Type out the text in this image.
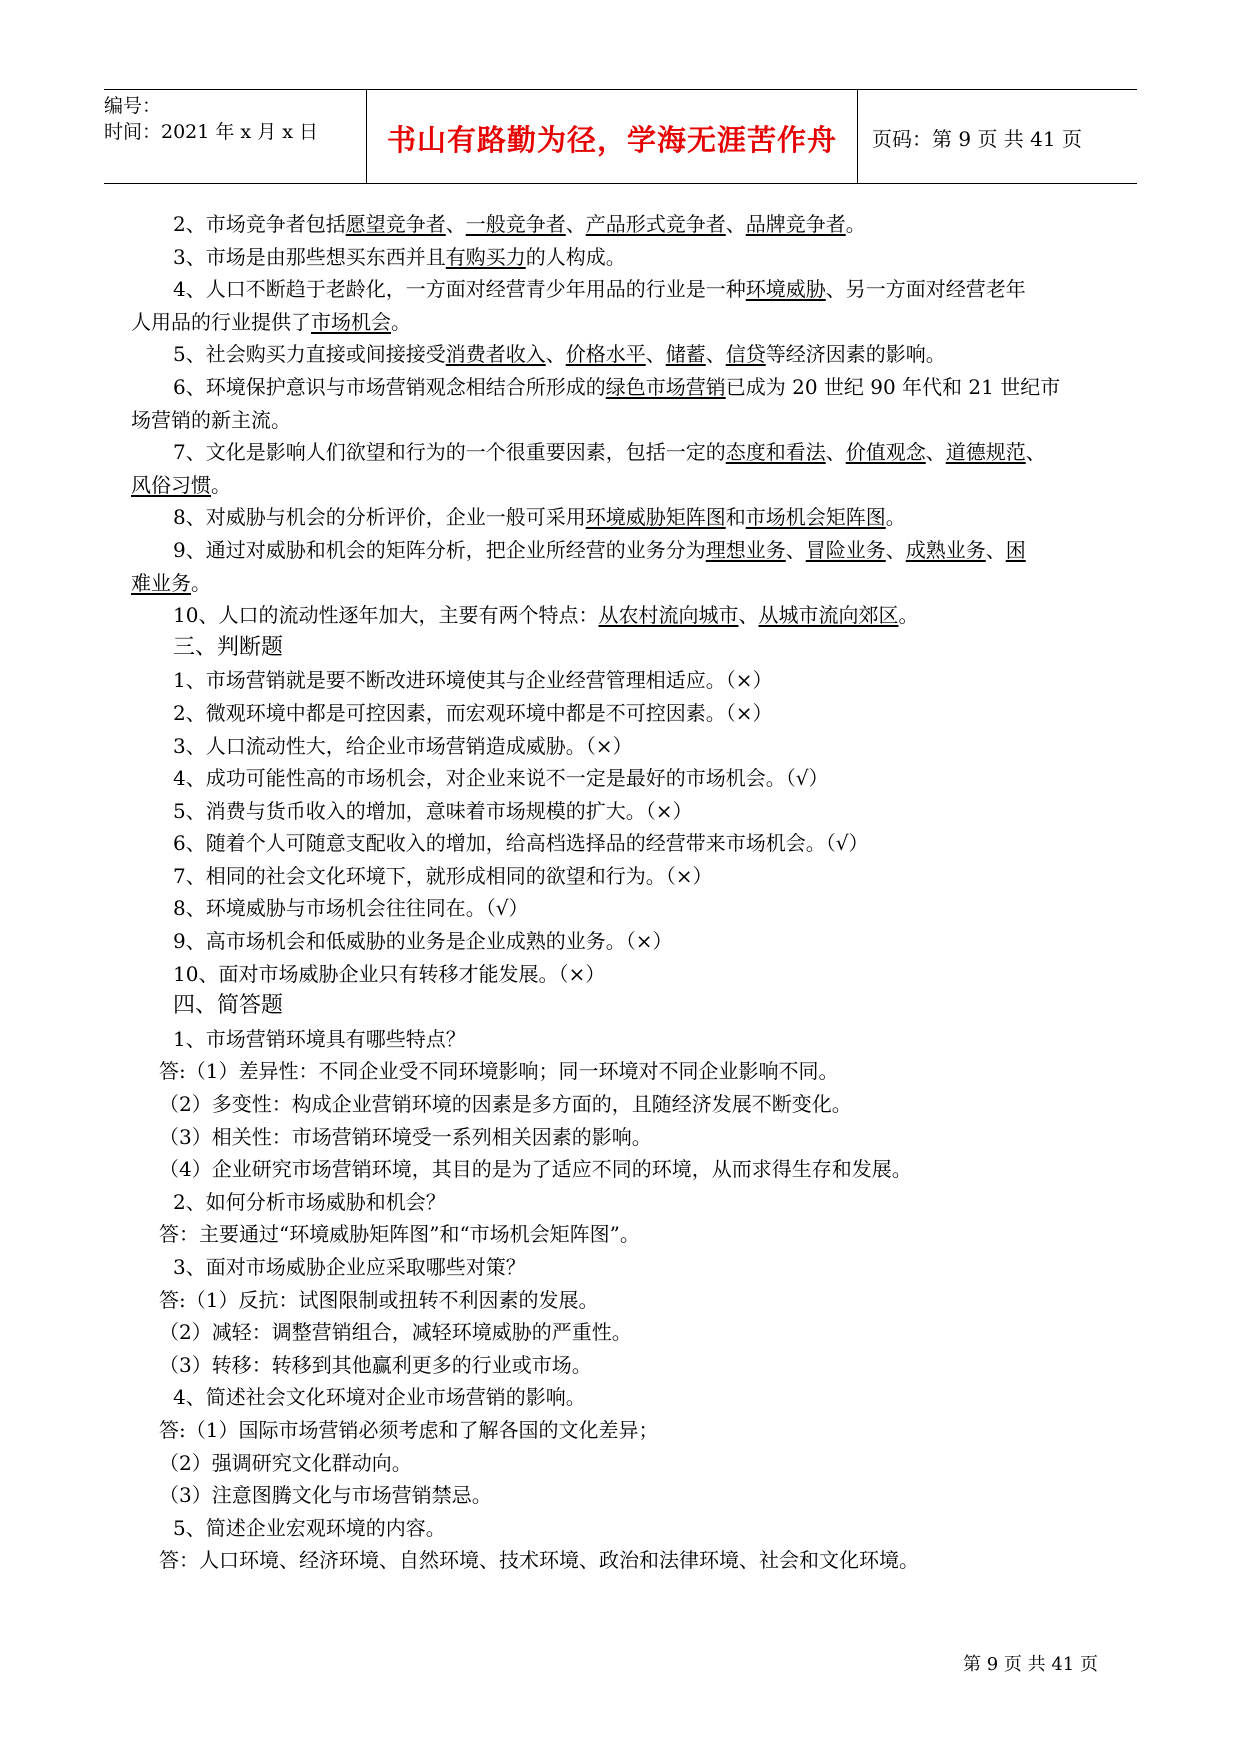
编号：
时间：2021 年 x 月 x 日	书山有路勤为径，学海无涯苦作舟	页码：第 9 页 共 41 页
2、市场竞争者包括愿望竞争者、一般竞争者、产品形式竞争者、品牌竞争者。
3、市场是由那些想买东西并且有购买力的人构成。
4、人口不断趋于老龄化，一方面对经营青少年用品的行业是一种环境威胁、另一方面对经营老年
人用品的行业提供了市场机会。
5、社会购买力直接或间接接受消费者收入、价格水平、储蓄、信贷等经济因素的影响。
6、环境保护意识与市场营销观念相结合所形成的绿色市场营销已成为 20 世纪 90 年代和 21 世纪市
场营销的新主流。
7、文化是影响人们欲望和行为的一个很重要因素，包括一定的态度和看法、价值观念、道德规范、
风俗习惯。
8、对威胁与机会的分析评价，企业一般可采用环境威胁矩阵图和市场机会矩阵图。
9、通过对威胁和机会的矩阵分析，把企业所经营的业务分为理想业务、冒险业务、成熟业务、困
难业务。
10、人口的流动性逐年加大，主要有两个特点：从农村流向城市、从城市流向郊区。
三、判断题
1、市场营销就是要不断改进环境使其与企业经营管理相适应。（×）
2、微观环境中都是可控因素，而宏观环境中都是不可控因素。（×）
3、人口流动性大，给企业市场营销造成威胁。（×）
4、成功可能性高的市场机会，对企业来说不一定是最好的市场机会。（√）
5、消费与货币收入的增加，意味着市场规模的扩大。（×）
6、随着个人可随意支配收入的增加，给高档选择品的经营带来市场机会。（√）
7、相同的社会文化环境下，就形成相同的欲望和行为。（×）
8、环境威胁与市场机会往往同在。（√）
9、高市场机会和低威胁的业务是企业成熟的业务。（×）
10、面对市场威胁企业只有转移才能发展。（×）
四、简答题
1、市场营销环境具有哪些特点？
答:（1）差异性：不同企业受不同环境影响；同一环境对不同企业影响不同。
（2）多变性：构成企业营销环境的因素是多方面的，且随经济发展不断变化。
（3）相关性：市场营销环境受一系列相关因素的影响。
（4）企业研究市场营销环境，其目的是为了适应不同的环境，从而求得生存和发展。
2、如何分析市场威胁和机会？
答：主要通过“环境威胁矩阵图”和“市场机会矩阵图”。
3、面对市场威胁企业应采取哪些对策？
答:（1）反抗：试图限制或扭转不利因素的发展。
（2）减轻：调整营销组合，减轻环境威胁的严重性。
（3）转移：转移到其他赢利更多的行业或市场。
4、简述社会文化环境对企业市场营销的影响。
答:（1）国际市场营销必须考虑和了解各国的文化差异；
（2）强调研究文化群动向。
（3）注意图腾文化与市场营销禁忌。
5、简述企业宏观环境的内容。
答：人口环境、经济环境、自然环境、技术环境、政治和法律环境、社会和文化环境。
第 9 页 共 41 页
